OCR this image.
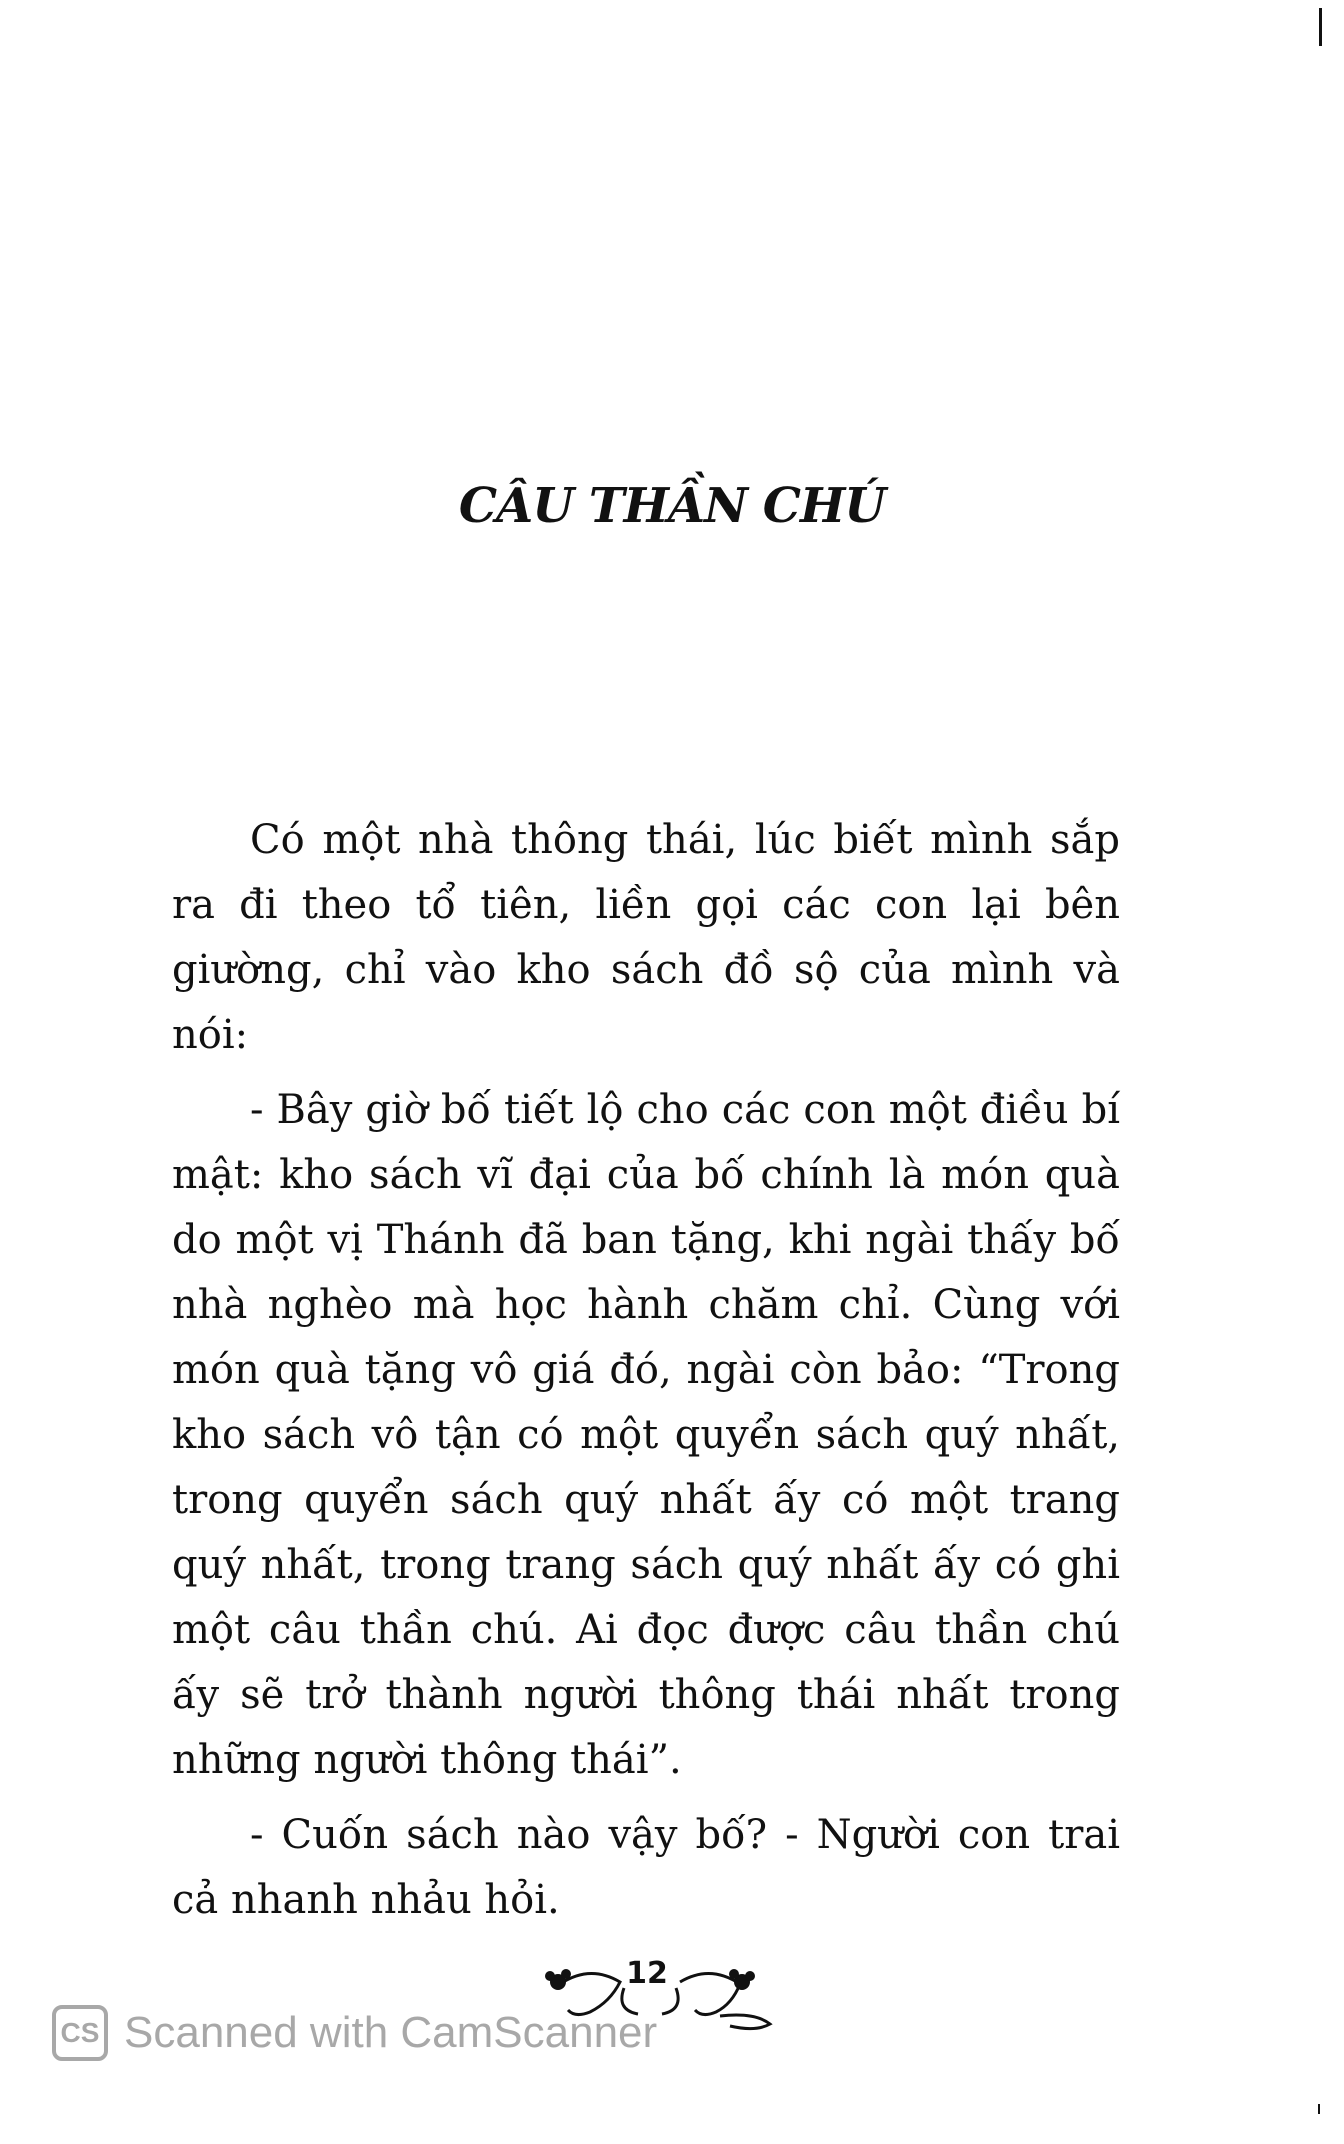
CÂU THẦN CHÚ

Có một nhà thông thái, lúc biết mình sắp ra đi theo tổ tiên, liền gọi các con lại bên giường, chỉ vào kho sách đồ sộ của mình và nói:

- Bây giờ bố tiết lộ cho các con một điều bí mật: kho sách vĩ đại của bố chính là món quà do một vị Thánh đã ban tặng, khi ngài thấy bố nhà nghèo mà học hành chăm chỉ. Cùng với món quà tặng vô giá đó, ngài còn bảo: “Trong kho sách vô tận có một quyển sách quý nhất, trong quyển sách quý nhất ấy có một trang quý nhất, trong trang sách quý nhất ấy có ghi một câu thần chú. Ai đọc được câu thần chú ấy sẽ trở thành người thông thái nhất trong những người thông thái”.

- Cuốn sách nào vậy bố? - Người con trai cả nhanh nhảu hỏi.

12
CS Scanned with CamScanner
